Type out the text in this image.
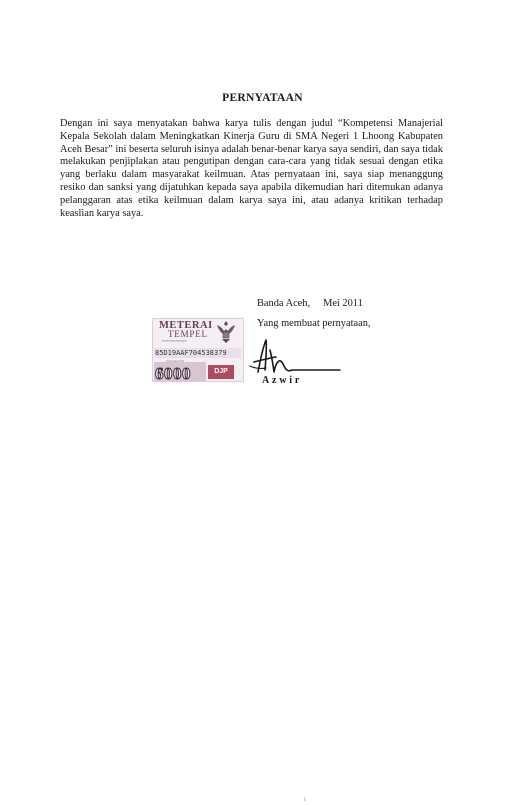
PERNYATAAN
Dengan ini saya menyatakan bahwa karya tulis dengan judul “Kompetensi Manajerial Kepala Sekolah dalam Meningkatkan Kinerja Guru di SMA Negeri 1 Lhoong Kabupaten Aceh Besar” ini beserta seluruh isinya adalah benar-benar karya saya sendiri, dan saya tidak melakukan penjiplakan atau pengutipan dengan cara-cara yang tidak sesuai dengan etika yang berlaku dalam masyarakat keilmuan. Atas pernyataan ini, saya siap menanggung resiko dan sanksi yang dijatuhkan kepada saya apabila dikemudian hari ditemukan adanya pelanggaran atas etika keilmuan dalam karya saya ini, atau adanya kritikan terhadap keaslian karya saya.
Banda Aceh,     Mei 2011
Yang membuat pernyataan,
METERAI
TEMPEL
▪▪▪▪▪▪▪▪▪▪▪▪▪▪▪▪▪▪▪▪
85D19AAF704538379
▪▪▪▪▪▪▪▪▪▪▪▪▪▪▪▪
6000	DJP
Azwir
i
